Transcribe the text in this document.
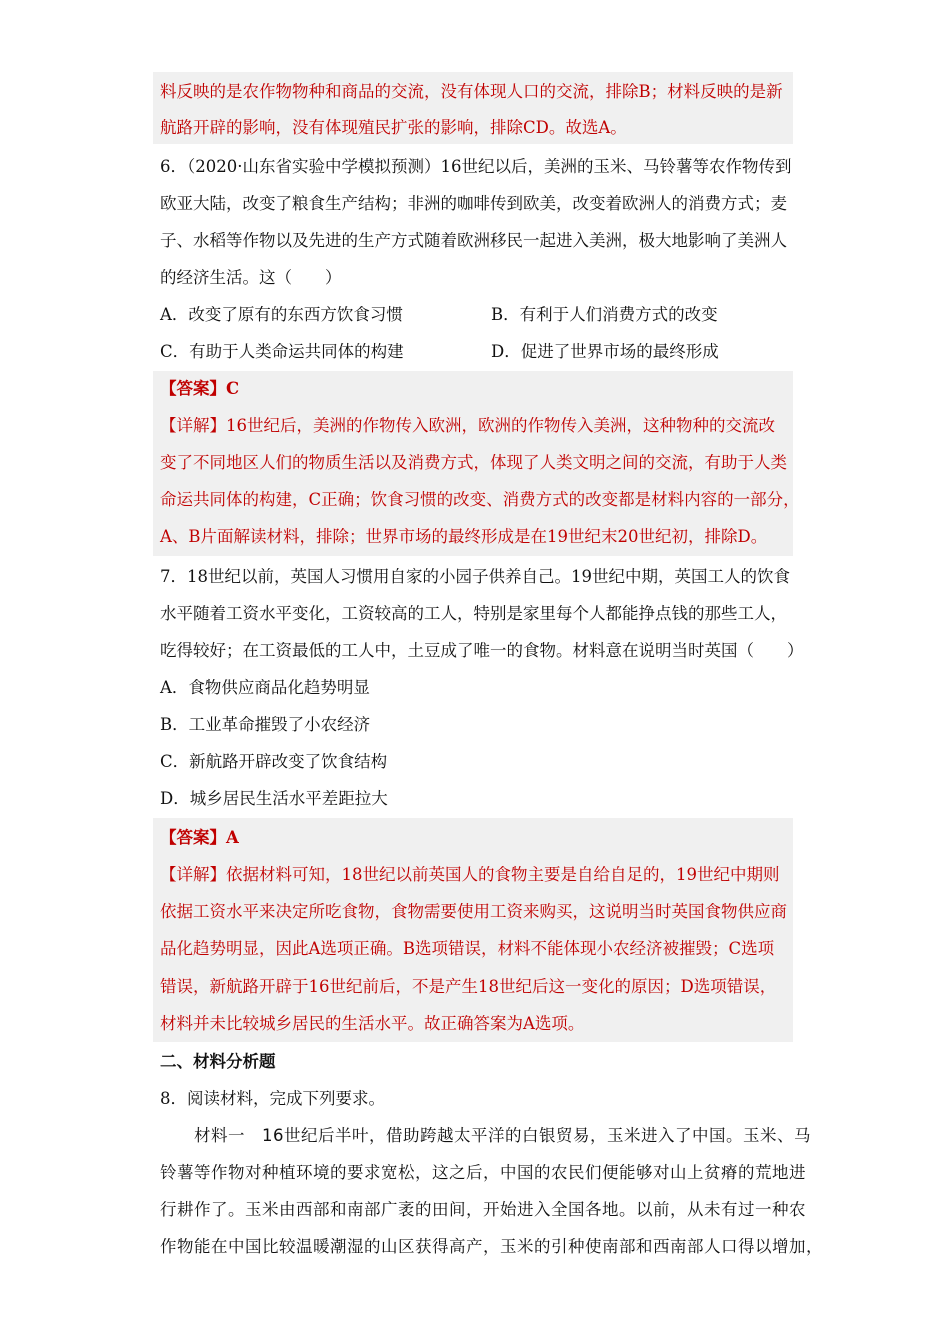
料反映的是农作物物种和商品的交流，没有体现人口的交流，排除B；材料反映的是新
航路开辟的影响，没有体现殖民扩张的影响，排除CD。故选A。
6．（2020·山东省实验中学模拟预测）16世纪以后，美洲的玉米、马铃薯等农作物传到
欧亚大陆，改变了粮食生产结构；非洲的咖啡传到欧美，改变着欧洲人的消费方式；麦
子、水稻等作物以及先进的生产方式随着欧洲移民一起进入美洲，极大地影响了美洲人
的经济生活。这（　　）
A．改变了原有的东西方饮食习惯	B．有利于人们消费方式的改变
C．有助于人类命运共同体的构建	D．促进了世界市场的最终形成
【答案】C
【详解】16世纪后，美洲的作物传入欧洲，欧洲的作物传入美洲，这种物种的交流改
变了不同地区人们的物质生活以及消费方式，体现了人类文明之间的交流，有助于人类
命运共同体的构建，C正确；饮食习惯的改变、消费方式的改变都是材料内容的一部分，
A、B片面解读材料，排除；世界市场的最终形成是在19世纪末20世纪初，排除D。
7．18世纪以前，英国人习惯用自家的小园子供养自己。19世纪中期，英国工人的饮食
水平随着工资水平变化，工资较高的工人，特别是家里每个人都能挣点钱的那些工人，
吃得较好；在工资最低的工人中，土豆成了唯一的食物。材料意在说明当时英国（　　）
A．食物供应商品化趋势明显
B．工业革命摧毁了小农经济
C．新航路开辟改变了饮食结构
D．城乡居民生活水平差距拉大
【答案】A
【详解】依据材料可知，18世纪以前英国人的食物主要是自给自足的，19世纪中期则
依据工资水平来决定所吃食物，食物需要使用工资来购买，这说明当时英国食物供应商
品化趋势明显，因此A选项正确。B选项错误，材料不能体现小农经济被摧毁；C选项
错误，新航路开辟于16世纪前后，不是产生18世纪后这一变化的原因；D选项错误，
材料并未比较城乡居民的生活水平。故正确答案为A选项。
二、材料分析题
8．阅读材料，完成下列要求。
　　材料一　16世纪后半叶，借助跨越太平洋的白银贸易，玉米进入了中国。玉米、马
铃薯等作物对种植环境的要求宽松，这之后，中国的农民们便能够对山上贫瘠的荒地进
行耕作了。玉米由西部和南部广袤的田间，开始进入全国各地。以前，从未有过一种农
作物能在中国比较温暖潮湿的山区获得高产，玉米的引种使南部和西南部人口得以增加，
